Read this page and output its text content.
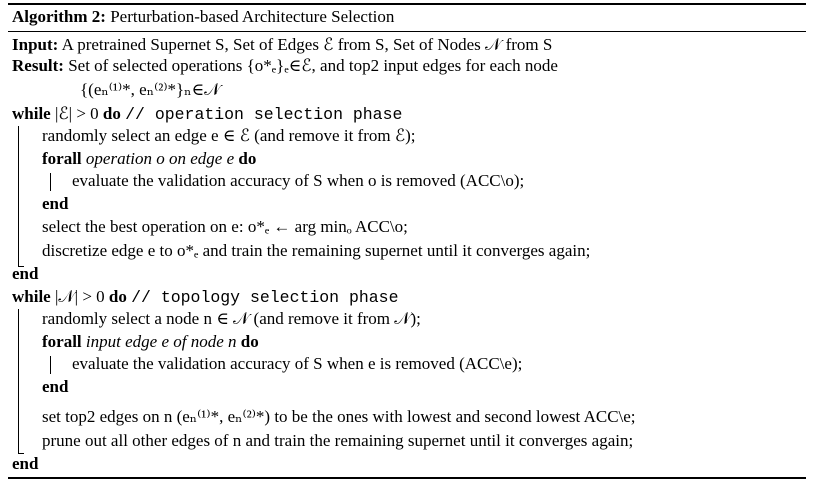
Algorithm 2: Perturbation-based Architecture Selection
Input: A pretrained Supernet S, Set of Edges ℰ from S, Set of Nodes 𝒩 from S
Result: Set of selected operations {o*ₑ}ₑ∈ℰ, and top2 input edges for each node
{(eₙ⁽¹⁾*, eₙ⁽²⁾*}ₙ∈𝒩
while |ℰ| > 0 do // operation selection phase
randomly select an edge e ∈ ℰ (and remove it from ℰ);
forall operation o on edge e do
evaluate the validation accuracy of S when o is removed (ACC\o);
end
select the best operation on e: o*ₑ ← arg minₒ ACC\o;
discretize edge e to o*ₑ and train the remaining supernet until it converges again;
end
while |𝒩| > 0 do // topology selection phase
randomly select a node n ∈ 𝒩 (and remove it from 𝒩);
forall input edge e of node n do
evaluate the validation accuracy of S when e is removed (ACC\e);
end
set top2 edges on n (eₙ⁽¹⁾*, eₙ⁽²⁾*) to be the ones with lowest and second lowest ACC\e;
prune out all other edges of n and train the remaining supernet until it converges again;
end
